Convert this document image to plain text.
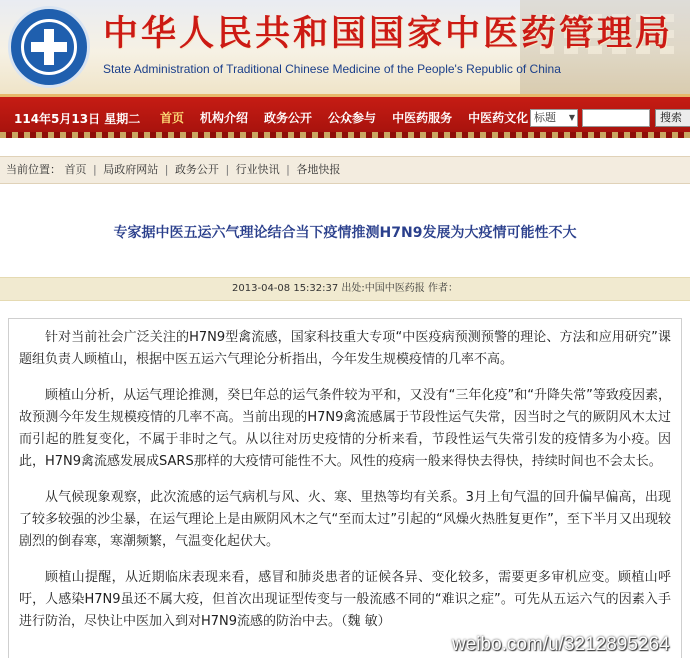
中华人民共和国国家中医药管理局
State Administration of Traditional Chinese Medicine of the People's Republic of China
114年5月13日 星期二 首页 机构介绍 政务公开 公众参与 中医药服务 中医药文化 标题 ▼	搜索
当前位置： 首页 | 局政府网站 | 政务公开 | 行业快讯 | 各地快报
专家据中医五运六气理论结合当下疫情推测H7N9发展为大疫情可能性不大
2013-04-08 15:32:37 出处:中国中医药报 作者：

针对当前社会广泛关注的H7N9型禽流感，国家科技重大专项“中医疫病预测预警的理论、方法和应用研究”课题组负责人顾植山，根据中医五运六气理论分析指出，今年发生规模疫情的几率不高。

顾植山分析，从运气理论推测，癸巳年总的运气条件较为平和，又没有“三年化疫”和“升降失常”等致疫因素，故预测今年发生规模疫情的几率不高。当前出现的H7N9禽流感属于节段性运气失常，因当时之气的厥阴风木太过而引起的胜复变化，不属于非时之气。从以往对历史疫情的分析来看，节段性运气失常引发的疫情多为小疫。因此，H7N9禽流感发展成SARS那样的大疫情可能性不大。风性的疫病一般来得快去得快，持续时间也不会太长。

从气候现象观察，此次流感的运气病机与风、火、寒、里热等均有关系。3月上旬气温的回升偏早偏高，出现了较多较强的沙尘暴，在运气理论上是由厥阴风木之气“至而太过”引起的“风燥火热胜复更作”，至下半月又出现较剧烈的倒春寒，寒潮频繁，气温变化起伏大。

顾植山提醒，从近期临床表现来看，感冒和肺炎患者的证候各异、变化较多，需要更多审机应变。顾植山呼吁，人感染H7N9虽还不属大疫，但首次出现证型传变与一般流感不同的“难识之症”。可先从五运六气的因素入手进行防治，尽快让中医加入到对H7N9流感的防治中去。（魏 敏）

weibo.com/u/3212895264
